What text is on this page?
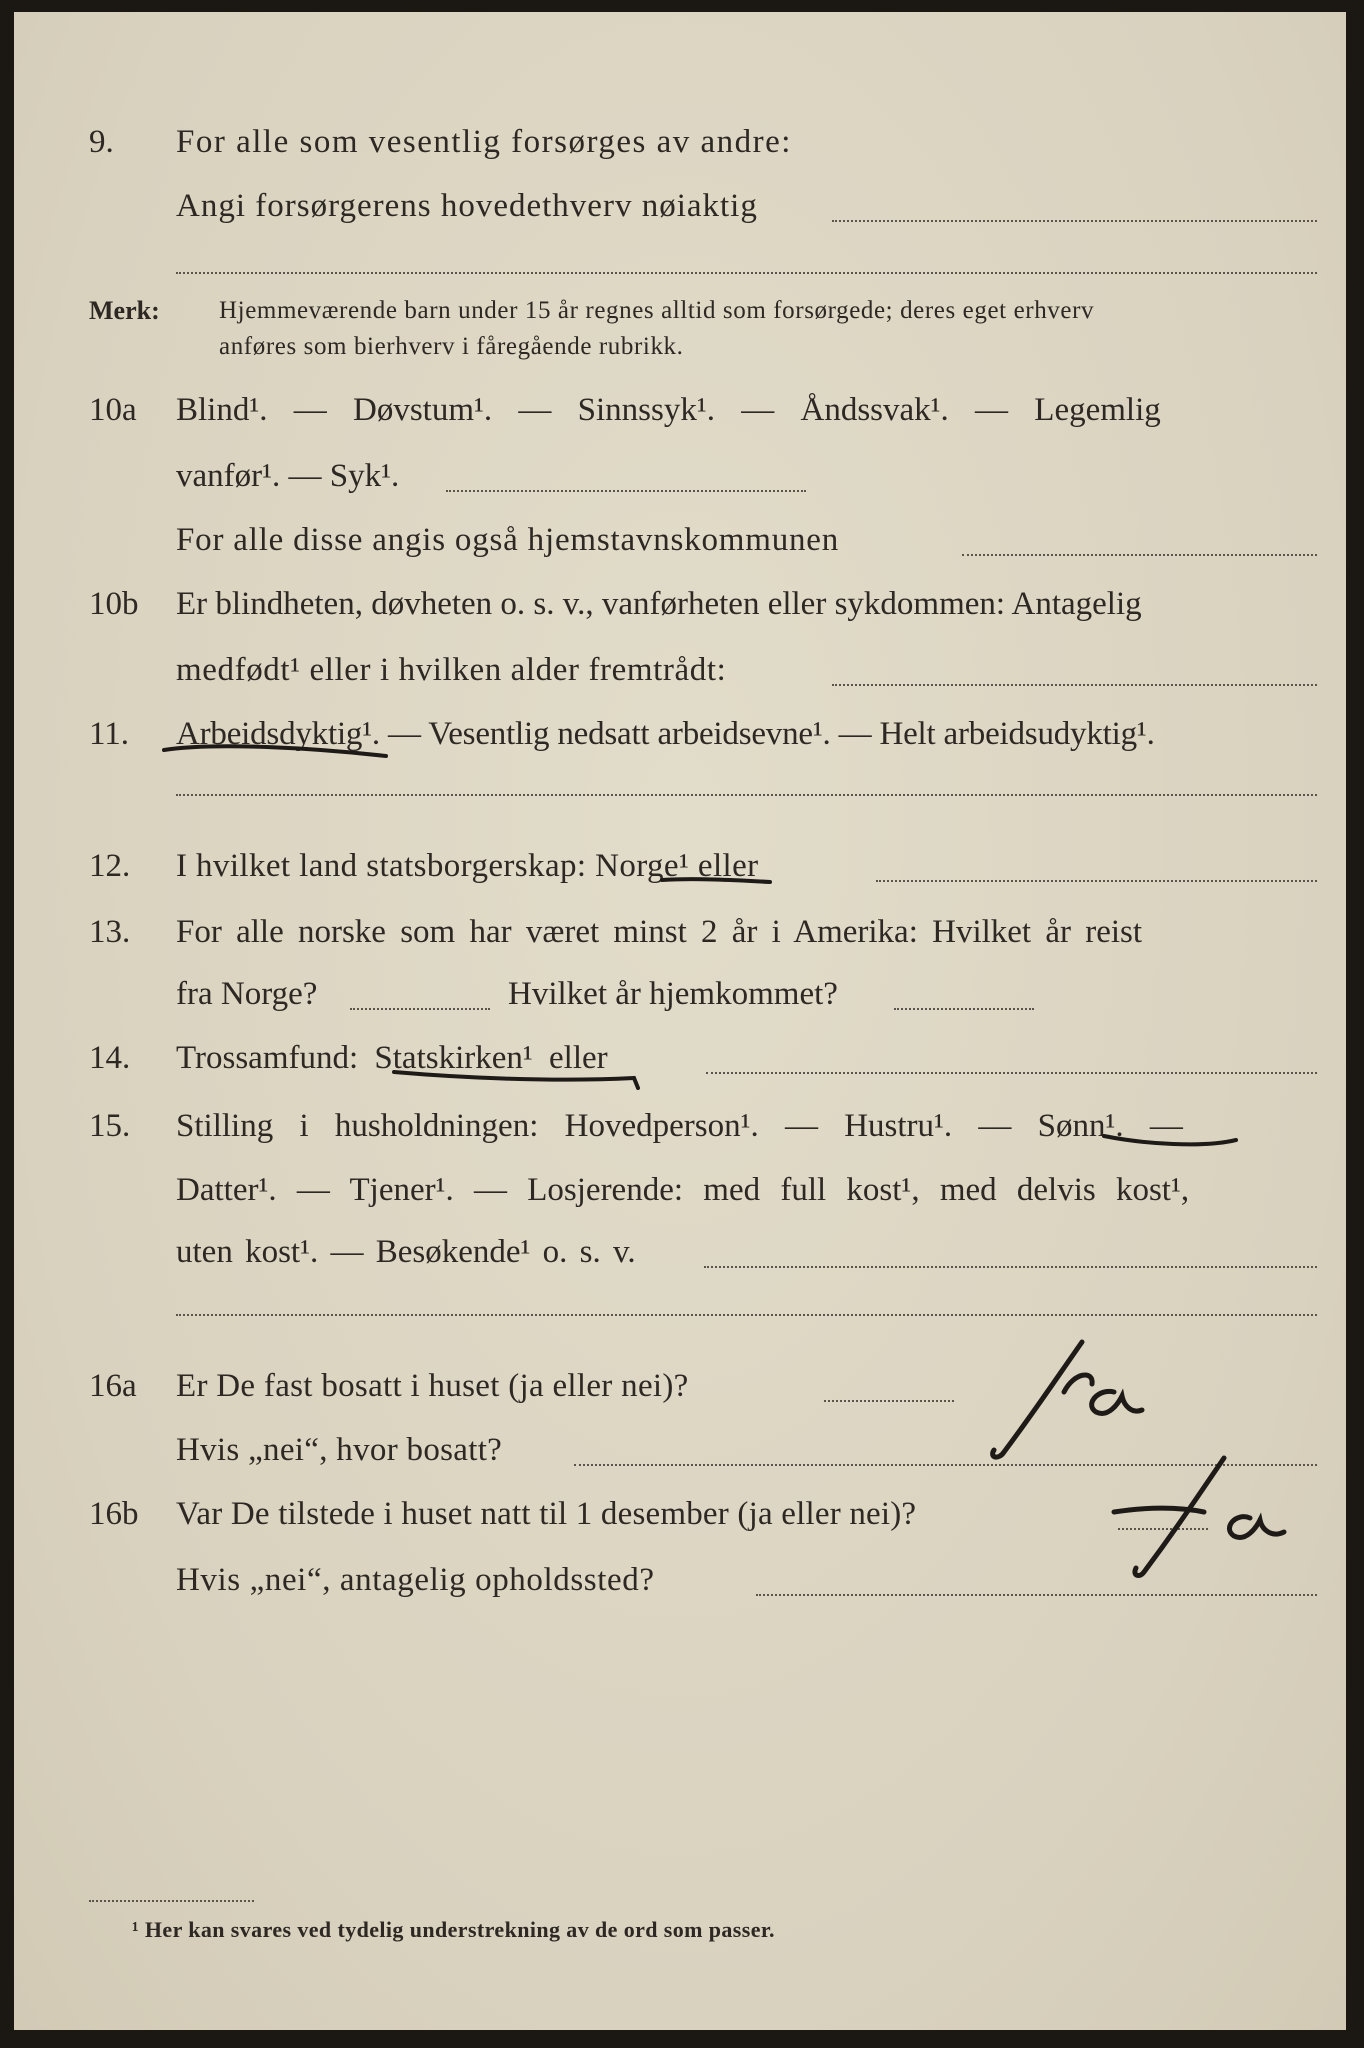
9. For alle som vesentlig forsørges av andre:
Angi forsørgerens hovedethverv nøiaktig
Merk: Hjemmeværende barn under 15 år regnes alltid som forsørgede; deres eget erhverv
anføres som bierhverv i fåregående rubrikk.
10a Blind¹. — Døvstum¹. — Sinnssyk¹. — Åndssvak¹. — Legemlig
vanfør¹. — Syk¹.
For alle disse angis også hjemstavnskommunen
10b Er blindheten, døvheten o. s. v., vanførheten eller sykdommen: Antagelig
medfødt¹ eller i hvilken alder fremtrådt:
11. Arbeidsdyktig¹. — Vesentlig nedsatt arbeidsevne¹. — Helt arbeidsudyktig¹.
12. I hvilket land statsborgerskap: Norge¹ eller
13. For alle norske som har været minst 2 år i Amerika: Hvilket år reist
fra Norge?	Hvilket år hjemkommet?
14. Trossamfund: Statskirken¹ eller
15. Stilling i husholdningen: Hovedperson¹. — Hustru¹. — Sønn¹. —
Datter¹. — Tjener¹. — Losjerende: med full kost¹, med delvis kost¹,
uten kost¹. — Besøkende¹ o. s. v.
16a Er De fast bosatt i huset (ja eller nei)?
Hvis „nei“, hvor bosatt?
16b Var De tilstede i huset natt til 1 desember (ja eller nei)?
Hvis „nei“, antagelig opholdssted?
¹ Her kan svares ved tydelig understrekning av de ord som passer.
